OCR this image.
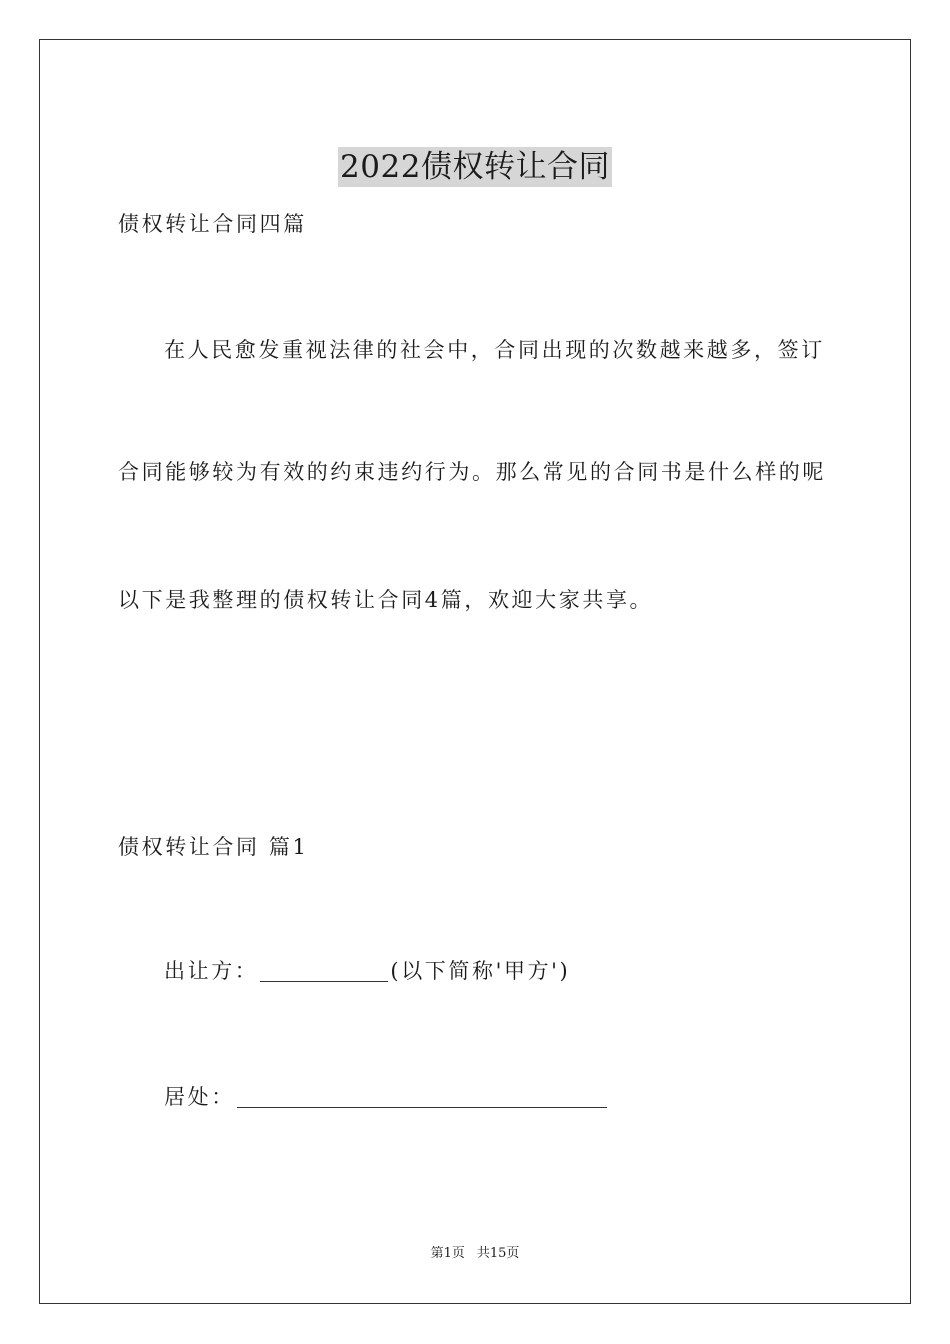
2022债权转让合同
债权转让合同四篇
在人民愈发重视法律的社会中，合同出现的次数越来越多，签订
合同能够较为有效的约束违约行为。那么常见的合同书是什么样的呢
以下是我整理的债权转让合同4篇，欢迎大家共享。
债权转让合同 篇1
出让方：	(以下简称'甲方')
居处：
第1页 共15页
